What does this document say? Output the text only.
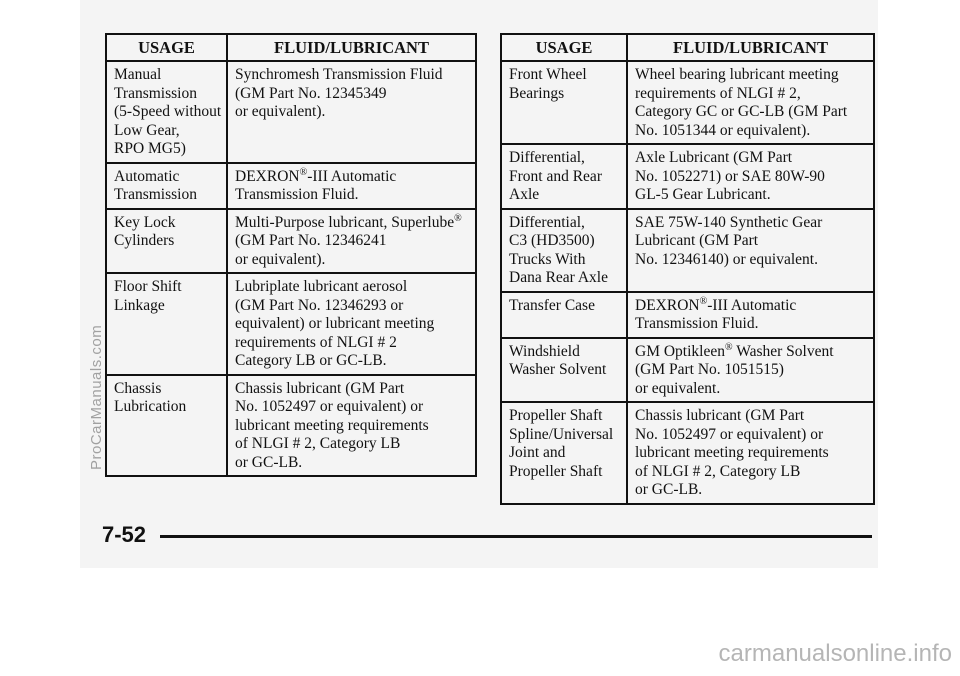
USAGE	FLUID/LUBRICANT

Manual
Transmission
(5-Speed without
Low Gear,
RPO MG5)	Synchromesh Transmission Fluid
(GM Part No. 12345349
or equivalent).

Automatic
Transmission	DEXRON®-III Automatic
Transmission Fluid.

Key Lock
Cylinders	Multi-Purpose lubricant, Superlube®
(GM Part No. 12346241
or equivalent).

Floor Shift
Linkage	Lubriplate lubricant aerosol
(GM Part No. 12346293 or
equivalent) or lubricant meeting
requirements of NLGI # 2
Category LB or GC-LB.

Chassis
Lubrication	Chassis lubricant (GM Part
No. 1052497 or equivalent) or
lubricant meeting requirements
of NLGI # 2, Category LB
or GC-LB.
USAGE	FLUID/LUBRICANT

Front Wheel
Bearings	Wheel bearing lubricant meeting
requirements of NLGI # 2,
Category GC or GC-LB (GM Part
No. 1051344 or equivalent).

Differential,
Front and Rear
Axle	Axle Lubricant (GM Part
No. 1052271) or SAE 80W-90
GL-5 Gear Lubricant.

Differential,
C3 (HD3500)
Trucks With
Dana Rear Axle	SAE 75W-140 Synthetic Gear
Lubricant (GM Part
No. 12346140) or equivalent.

Transfer Case	DEXRON®-III Automatic
Transmission Fluid.

Windshield
Washer Solvent	GM Optikleen® Washer Solvent
(GM Part No. 1051515)
or equivalent.

Propeller Shaft
Spline/Universal
Joint and
Propeller Shaft	Chassis lubricant (GM Part
No. 1052497 or equivalent) or
lubricant meeting requirements
of NLGI # 2, Category LB
or GC-LB.
7-52
ProCarManuals.com
carmanualsonline.info
